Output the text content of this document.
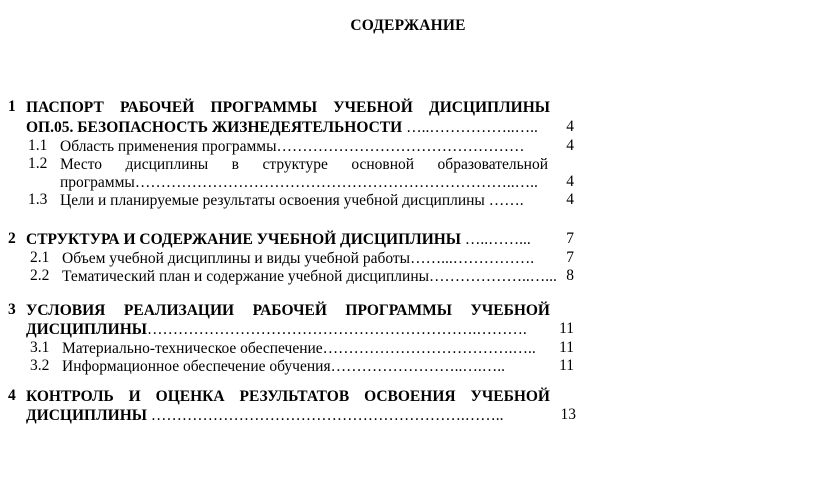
СОДЕРЖАНИЕ
1 ПАСПОРТ РАБОЧЕЙ ПРОГРАММЫ УЧЕБНОЙ ДИСЦИПЛИНЫ
ОП.05. БЕЗОПАСНОСТЬ ЖИЗНЕДЕЯТЕЛЬНОСТИ …..……………..…..	4
1.1 Область применения программы…………………………………………	4
1.2 Место дисциплины в структуре основной образовательной
программы………………………………………………………………..…..	4
1.3 Цели и планируемые результаты освоения учебной дисциплины …….	4
2 СТРУКТУРА И СОДЕРЖАНИЕ УЧЕБНОЙ ДИСЦИПЛИНЫ …..……...	7
2.1 Объем учебной дисциплины и виды учебной работы……...…………….	7
2.2 Тематический план и содержание учебной дисциплины………………..…... 8
3 УСЛОВИЯ РЕАЛИЗАЦИИ РАБОЧЕЙ ПРОГРАММЫ УЧЕБНОЙ
ДИСЦИПЛИНЫ……………………………………………………….……….	11
3.1 Материально-техническое обеспечение……………………………….…..	11
3.2 Информационное обеспечение обучения……………………..….…..	11
4 КОНТРОЛЬ И ОЦЕНКА РЕЗУЛЬТАТОВ ОСВОЕНИЯ УЧЕБНОЙ
ДИСЦИПЛИНЫ …………………………………………………….……..	13
